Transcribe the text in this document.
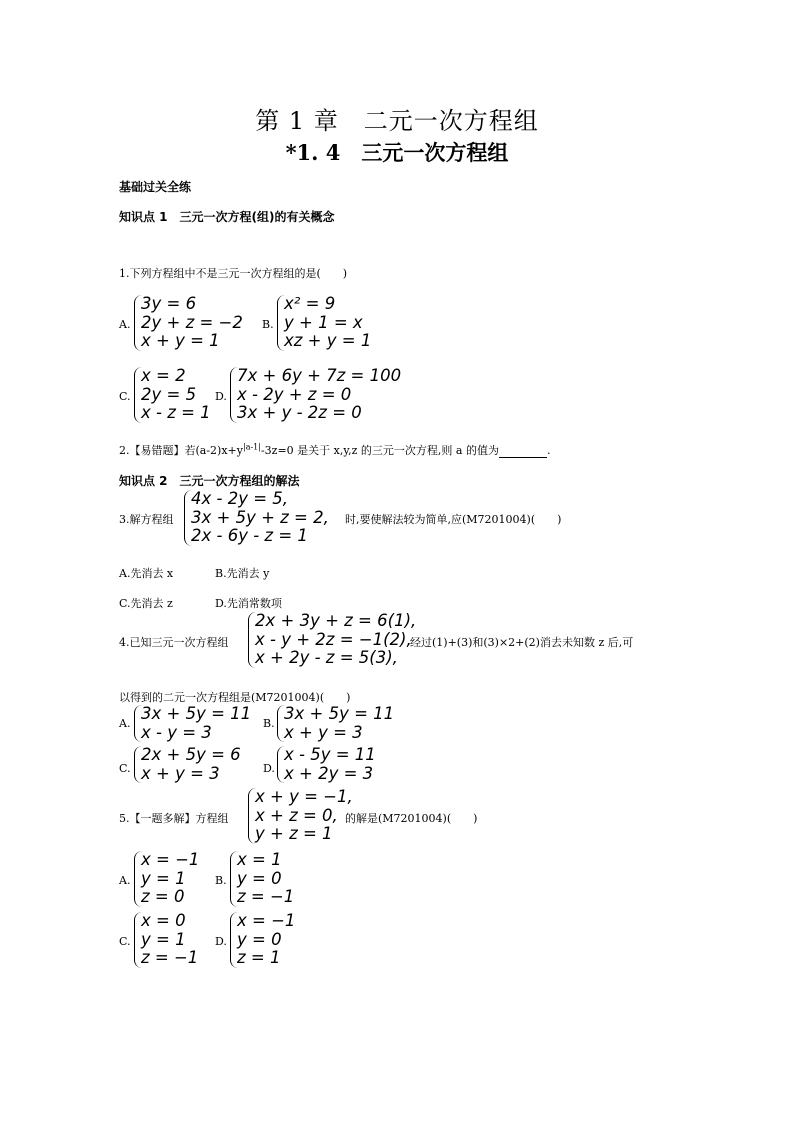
第 1 章　二元一次方程组
*1. 4　三元一次方程组
基础过关全练
知识点 1　三元一次方程(组)的有关概念
1.下列方程组中不是三元一次方程组的是(　　)
A.
3y = 6
2y + z = −2
x + y = 1
B.
x² = 9
y + 1 = x
xz + y = 1
C.
x = 2
2y = 5
x - z = 1
D.
7x + 6y + 7z = 100
x - 2y + z = 0
3x + y - 2z = 0
2.【易错题】若$(a-2)x+y^{|a-1|}-3z=0$ 是关于 x,y,z 的三元一次方程,则 a 的值为	.
知识点 2　三元一次方程组的解法
3.解方程组
4x - 2y = 5,
3x + 5y + z = 2,
2x - 6y - z = 1
时,要使解法较为简单,应(M7201004)(　　)
A.先消去 x	B.先消去 y
C.先消去 z	D.先消常数项
4.已知三元一次方程组
2x + 3y + z = 6(1),
x - y + 2z = −1(2),
x + 2y - z = 5(3),
经过(1)+(3)和(3)×2+(2)消去未知数 z 后,可
以得到的二元一次方程组是(M7201004)(　　)
A.
3x + 5y = 11
x - y = 3	B.
3x + 5y = 11
x + y = 3
C.
2x + 5y = 6
x + y = 3	D.
x - 5y = 11
x + 2y = 3
5.【一题多解】方程组
x + y = −1,
x + z = 0,
y + z = 1
的解是(M7201004)(　　)
A.
x = −1
y = 1
z = 0
B.
x = 1
y = 0
z = −1
C.
x = 0
y = 1
z = −1
D.
x = −1
y = 0
z = 1
